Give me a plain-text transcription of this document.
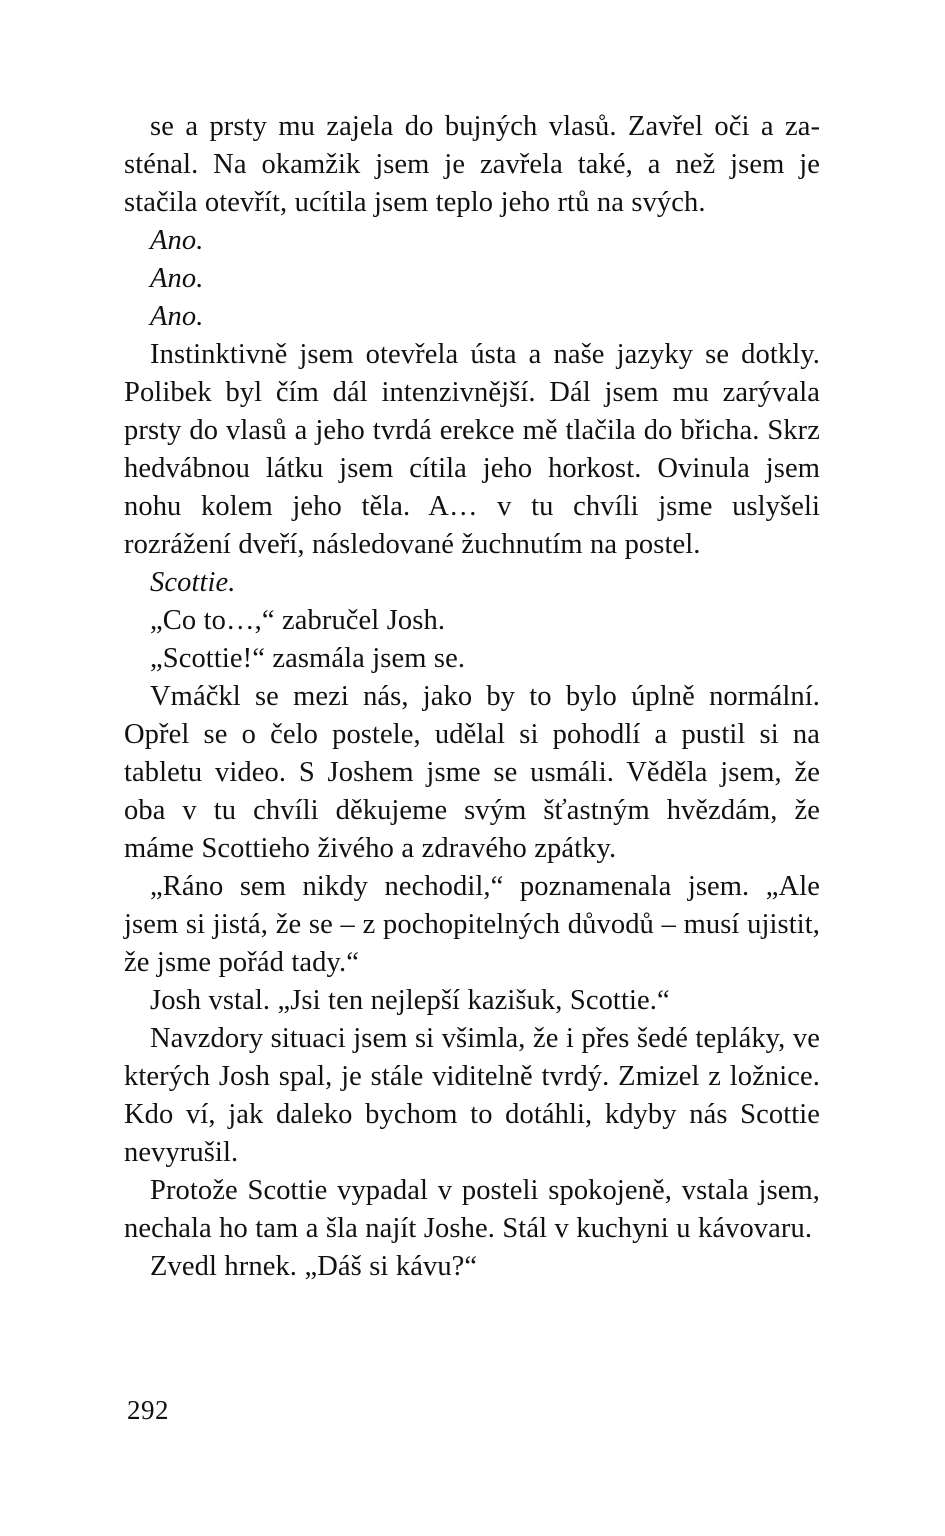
se a prsty mu zajela do bujných vlasů. Zavřel oči a zasténal. Na okamžik jsem je zavřela také, a než jsem je stačila otevřít, ucítila jsem teplo jeho rtů na svých.

Ano.

Ano.

Ano.

Instinktivně jsem otevřela ústa a naše jazyky se dotkly. Polibek byl čím dál intenzivnější. Dál jsem mu zarývala prsty do vlasů a jeho tvrdá erekce mě tlačila do břicha. Skrz hedvábnou látku jsem cítila jeho horkost. Ovinula jsem nohu kolem jeho těla. A… v tu chvíli jsme uslyšeli rozrážení dveří, následované žuchnutím na postel.

Scottie.

„Co to…,“ zabručel Josh.

„Scottie!“ zasmála jsem se.

Vmáčkl se mezi nás, jako by to bylo úplně normální. Opřel se o čelo postele, udělal si pohodlí a pustil si na tabletu video. S Joshem jsme se usmáli. Věděla jsem, že oba v tu chvíli děkujeme svým šťastným hvězdám, že máme Scottieho živého a zdravého zpátky.

„Ráno sem nikdy nechodil,“ poznamenala jsem. „Ale jsem si jistá, že se – z pochopitelných důvodů – musí ujistit, že jsme pořád tady.“

Josh vstal. „Jsi ten nejlepší kazišuk, Scottie.“

Navzdory situaci jsem si všimla, že i přes šedé tepláky, ve kterých Josh spal, je stále viditelně tvrdý. Zmizel z ložnice. Kdo ví, jak daleko bychom to dotáhli, kdyby nás Scottie nevyrušil.

Protože Scottie vypadal v posteli spokojeně, vstala jsem, nechala ho tam a šla najít Joshe. Stál v kuchyni u kávovaru.

Zvedl hrnek. „Dáš si kávu?“

292
